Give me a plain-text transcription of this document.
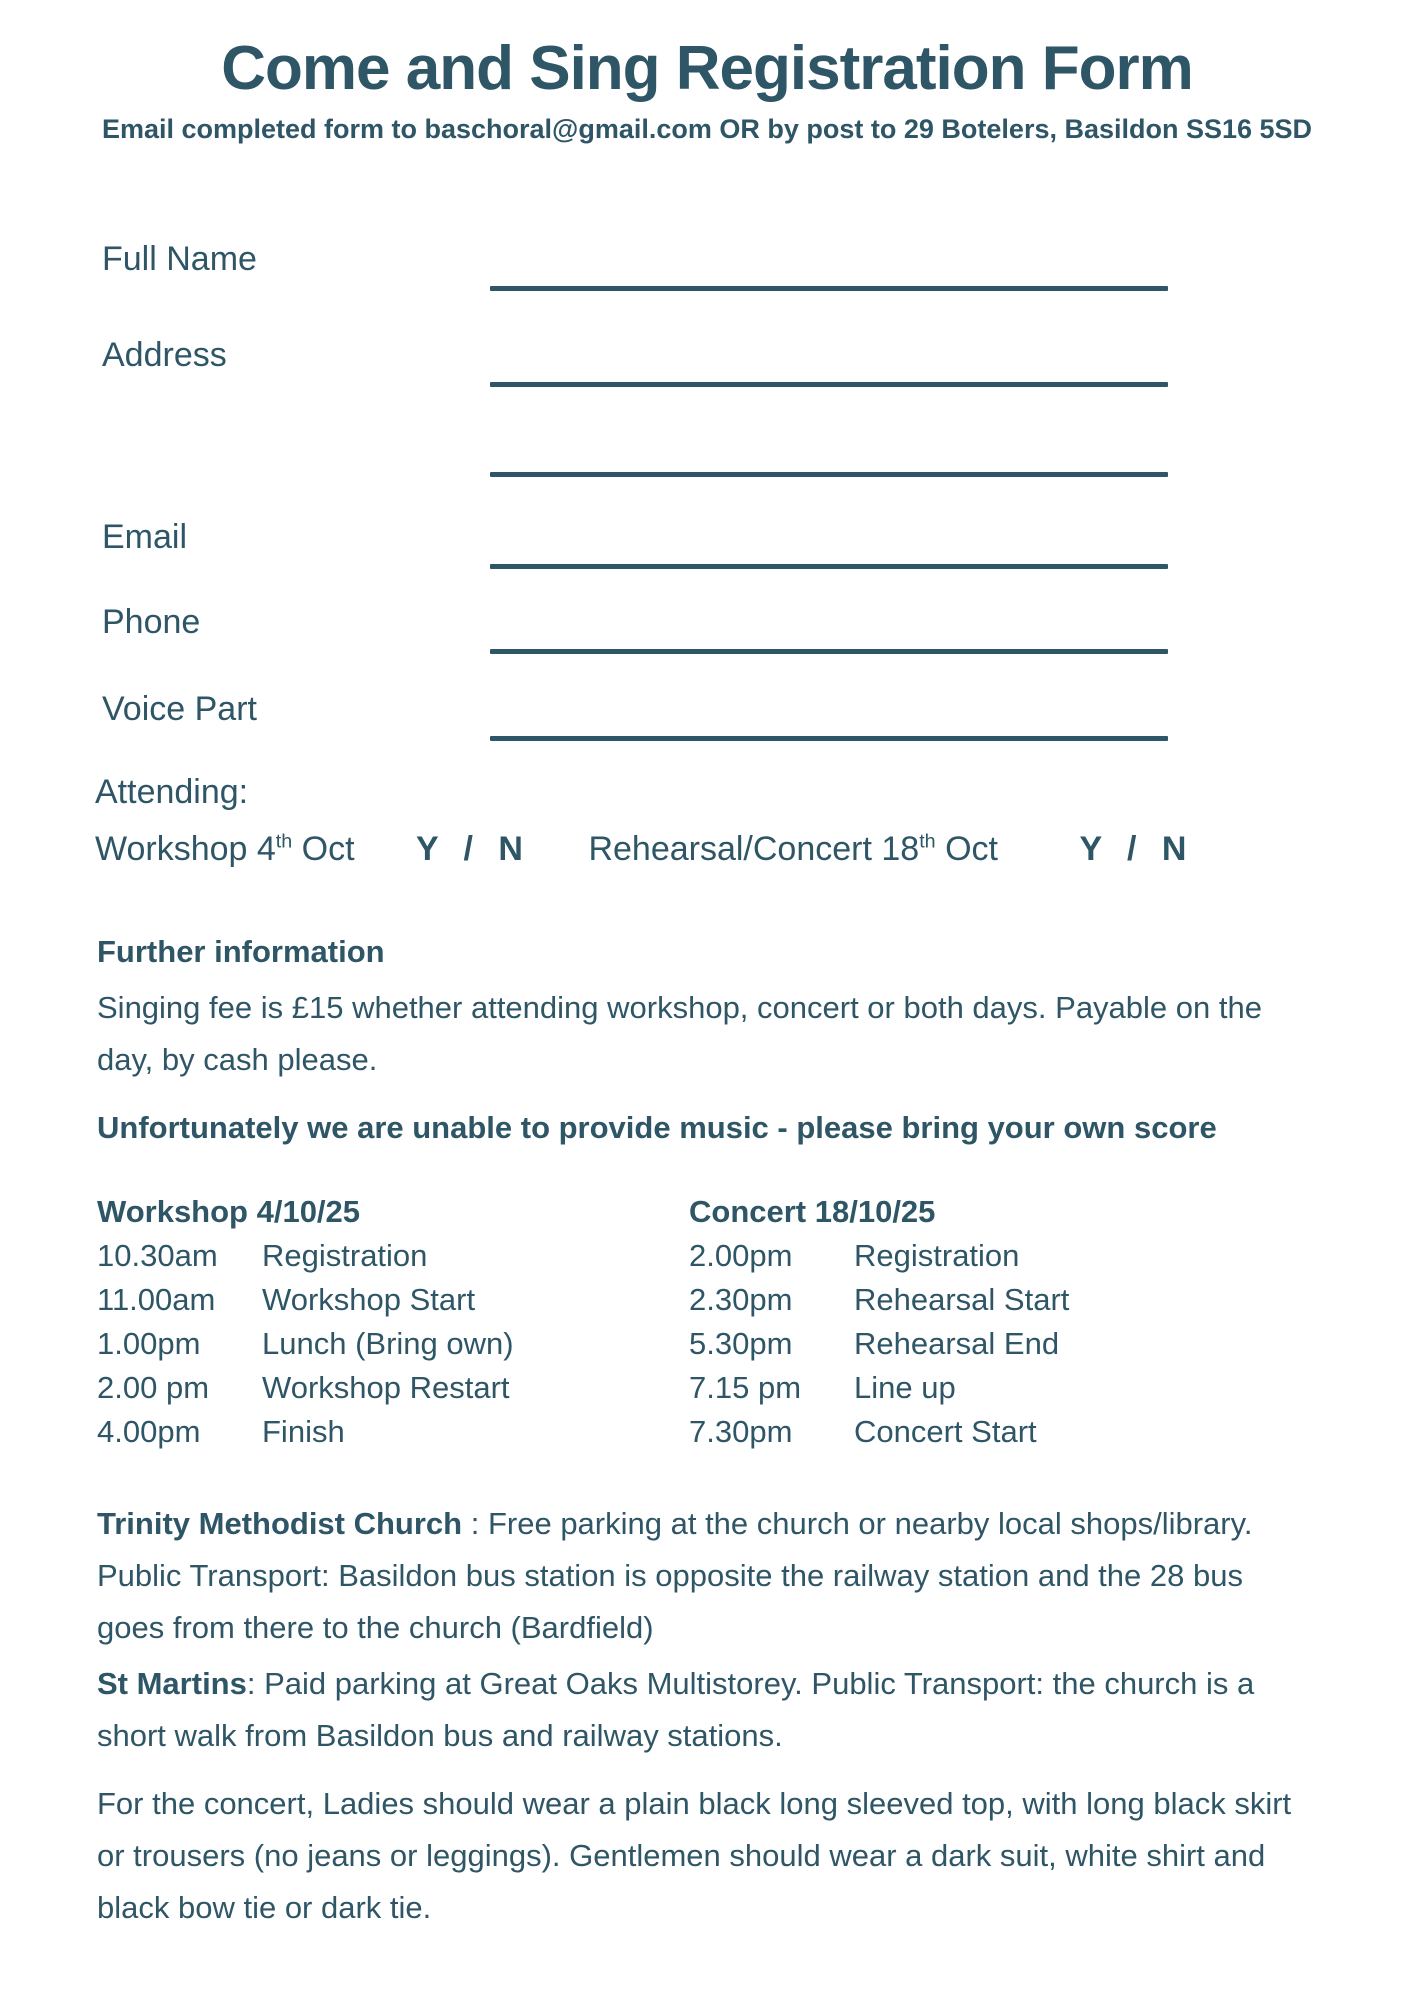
Come and Sing Registration Form

Email completed form to baschoral@gmail.com OR by post to 29 Botelers, Basildon SS16 5SD

Full Name
Address
Email
Phone
Voice Part
Attending:
Workshop 4th Oct Y / N Rehearsal/Concert 18th Oct Y / N
Further information

Singing fee is £15 whether attending workshop, concert or both days. Payable on the day, by cash please.

Unfortunately we are unable to provide music - please bring your own score

Workshop 4/10/25
10.30am	Registration
11.00am	Workshop Start
1.00pm	Lunch (Bring own)
2.00 pm	Workshop Restart
4.00pm	Finish
Concert 18/10/25
2.00pm	Registration
2.30pm	Rehearsal Start
5.30pm	Rehearsal End
7.15 pm	Line up
7.30pm	Concert Start

Trinity Methodist Church : Free parking at the church or nearby local shops/library. Public Transport: Basildon bus station is opposite the railway station and the 28 bus goes from there to the church (Bardfield)

St Martins: Paid parking at Great Oaks Multistorey. Public Transport: the church is a short walk from Basildon bus and railway stations.

For the concert, Ladies should wear a plain black long sleeved top, with long black skirt or trousers (no jeans or leggings). Gentlemen should wear a dark suit, white shirt and black bow tie or dark tie.
